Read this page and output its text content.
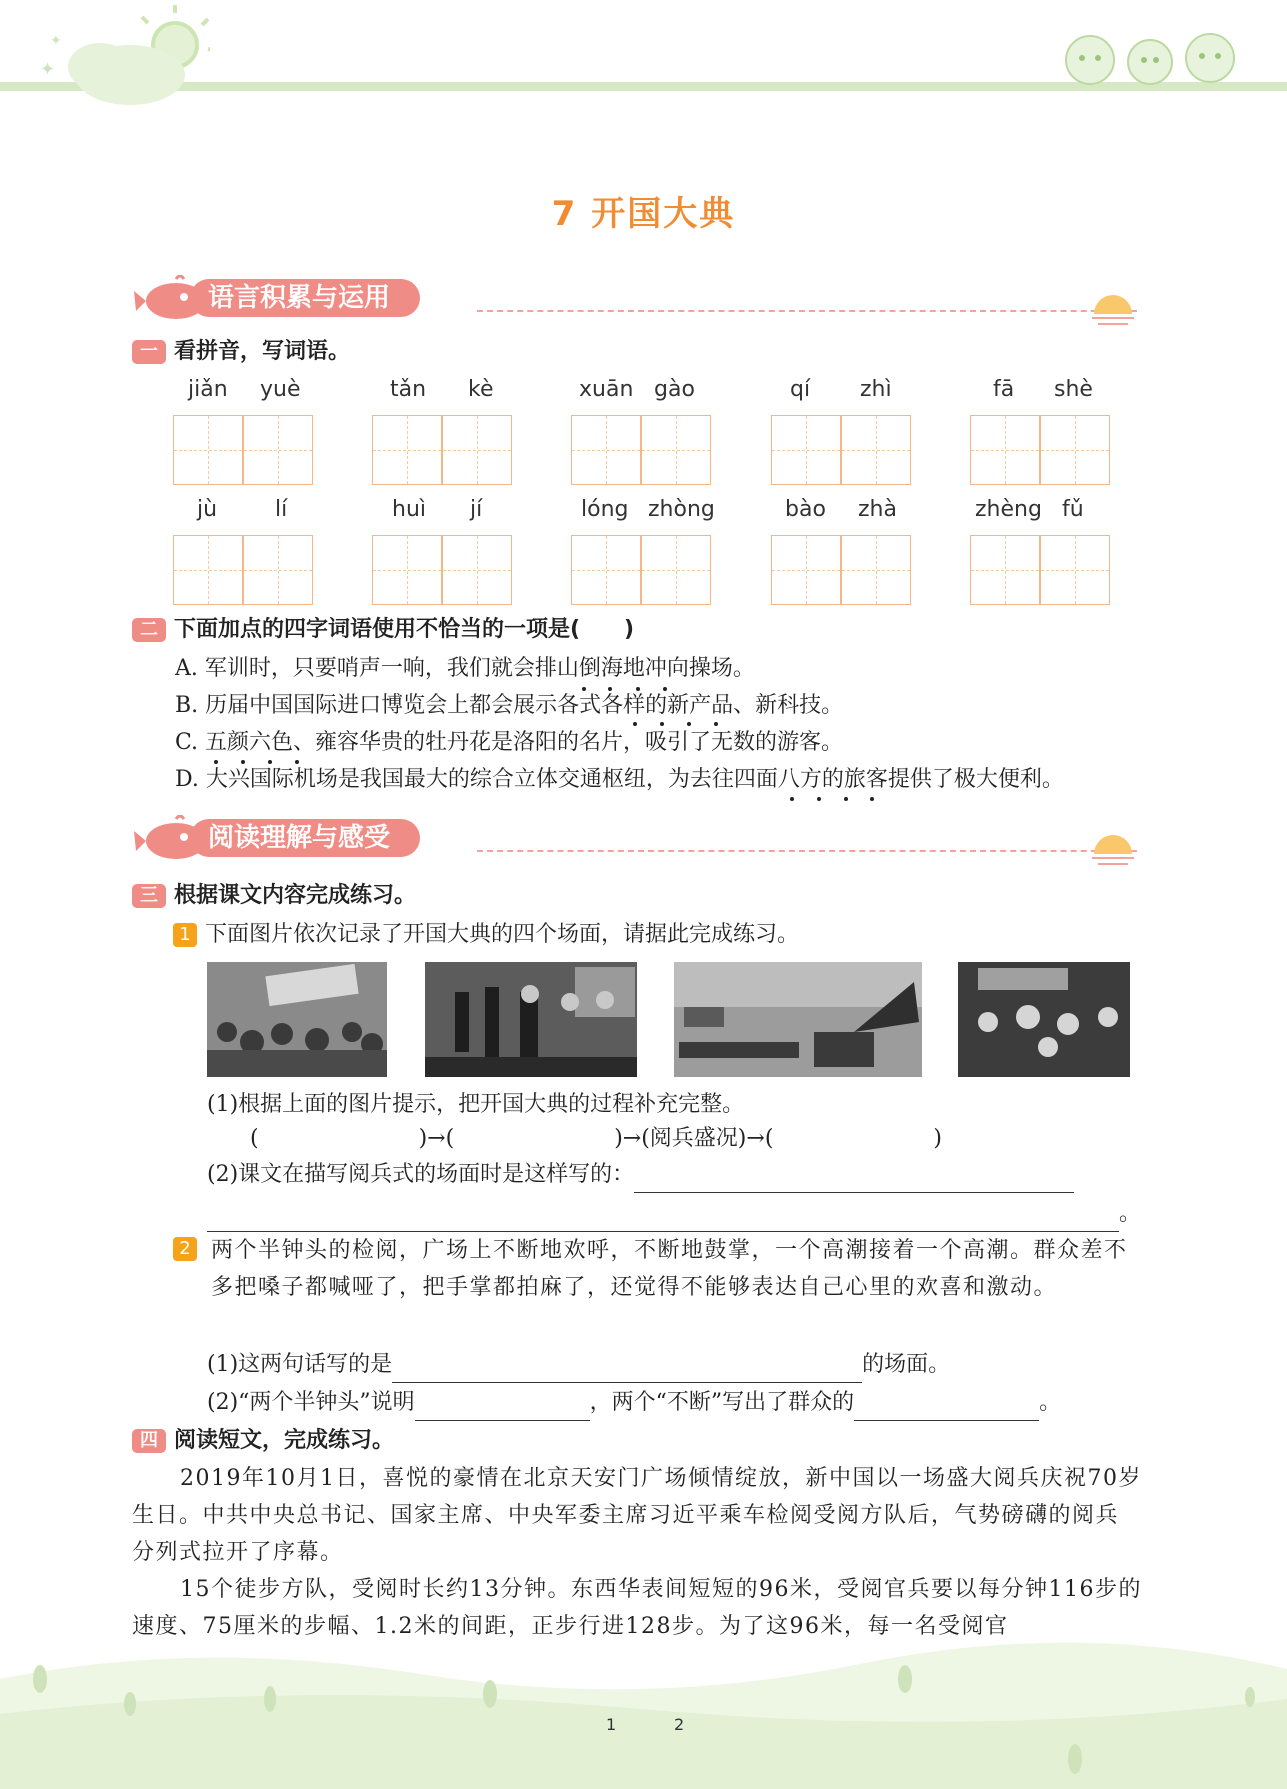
✦
✦
7 开国大典
语言积累与运用
一 看拼音，写词语。
jiǎn yuè	tǎn kè	xuān gào	qí zhì	fā shè
jù	lí	huì jí	lóng zhòng	bào zhà	zhèng fǔ
二 下面加点的四字词语使用不恰当的一项是(　　)
A. 军训时，只要哨声一响，我们就会排山倒海地冲向操场。
B. 历届中国国际进口博览会上都会展示各式各样的新产品、新科技。
C. 五颜六色、雍容华贵的牡丹花是洛阳的名片，吸引了无数的游客。
D. 大兴国际机场是我国最大的综合立体交通枢纽，为去往四面八方的旅客提供了极大便利。
阅读理解与感受
三 根据课文内容完成练习。
1 下面图片依次记录了开国大典的四个场面，请据此完成练习。
(1)根据上面的图片提示，把开国大典的过程补充完整。
(	)→(	)→(阅兵盛况)→(	)
(2)课文在描写阅兵式的场面时是这样写的：
。
2 两个半钟头的检阅，广场上不断地欢呼，不断地鼓掌，一个高潮接着一个高潮。群众差不多把嗓子都喊哑了，把手掌都拍麻了，还觉得不能够表达自己心里的欢喜和激动。
(1)这两句话写的是	的场面。
(2)“两个半钟头”说明	，两个“不断”写出了群众的	。
四 阅读短文，完成练习。
2019年10月1日，喜悦的豪情在北京天安门广场倾情绽放，新中国以一场盛大阅兵庆祝70岁生日。中共中央总书记、国家主席、中央军委主席习近平乘车检阅受阅方队后，气势磅礴的阅兵分列式拉开了序幕。
15个徒步方队，受阅时长约13分钟。东西华表间短短的96米，受阅官兵要以每分钟116步的速度、75厘米的步幅、1.2米的间距，正步行进128步。为了这96米，每一名受阅官
1	2
